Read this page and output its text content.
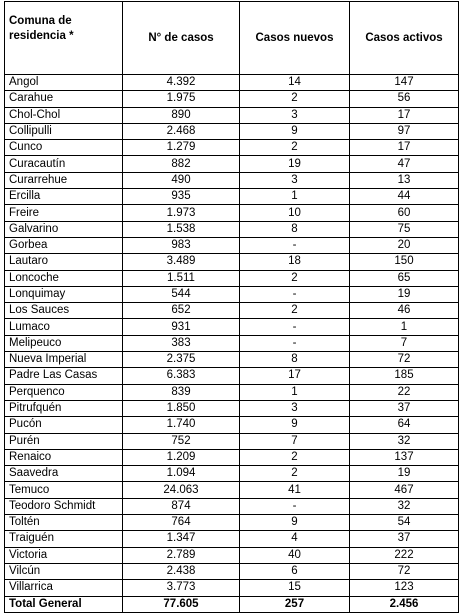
Comuna de residencia *	N° de casos	Casos nuevos	Casos activos
Angol	4.392	14	147
Carahue	1.975	2	56
Chol-Chol	890	3	17
Collipulli	2.468	9	97
Cunco	1.279	2	17
Curacautín	882	19	47
Curarrehue	490	3	13
Ercilla	935	1	44
Freire	1.973	10	60
Galvarino	1.538	8	75
Gorbea	983	-	20
Lautaro	3.489	18	150
Loncoche	1.511	2	65
Lonquimay	544	-	19
Los Sauces	652	2	46
Lumaco	931	-	1
Melipeuco	383	-	7
Nueva Imperial	2.375	8	72
Padre Las Casas	6.383	17	185
Perquenco	839	1	22
Pitrufquén	1.850	3	37
Pucón	1.740	9	64
Purén	752	7	32
Renaico	1.209	2	137
Saavedra	1.094	2	19
Temuco	24.063	41	467
Teodoro Schmidt	874	-	32
Toltén	764	9	54
Traiguén	1.347	4	37
Victoria	2.789	40	222
Vilcún	2.438	6	72
Villarrica	3.773	15	123
Total General	77.605	257	2.456
